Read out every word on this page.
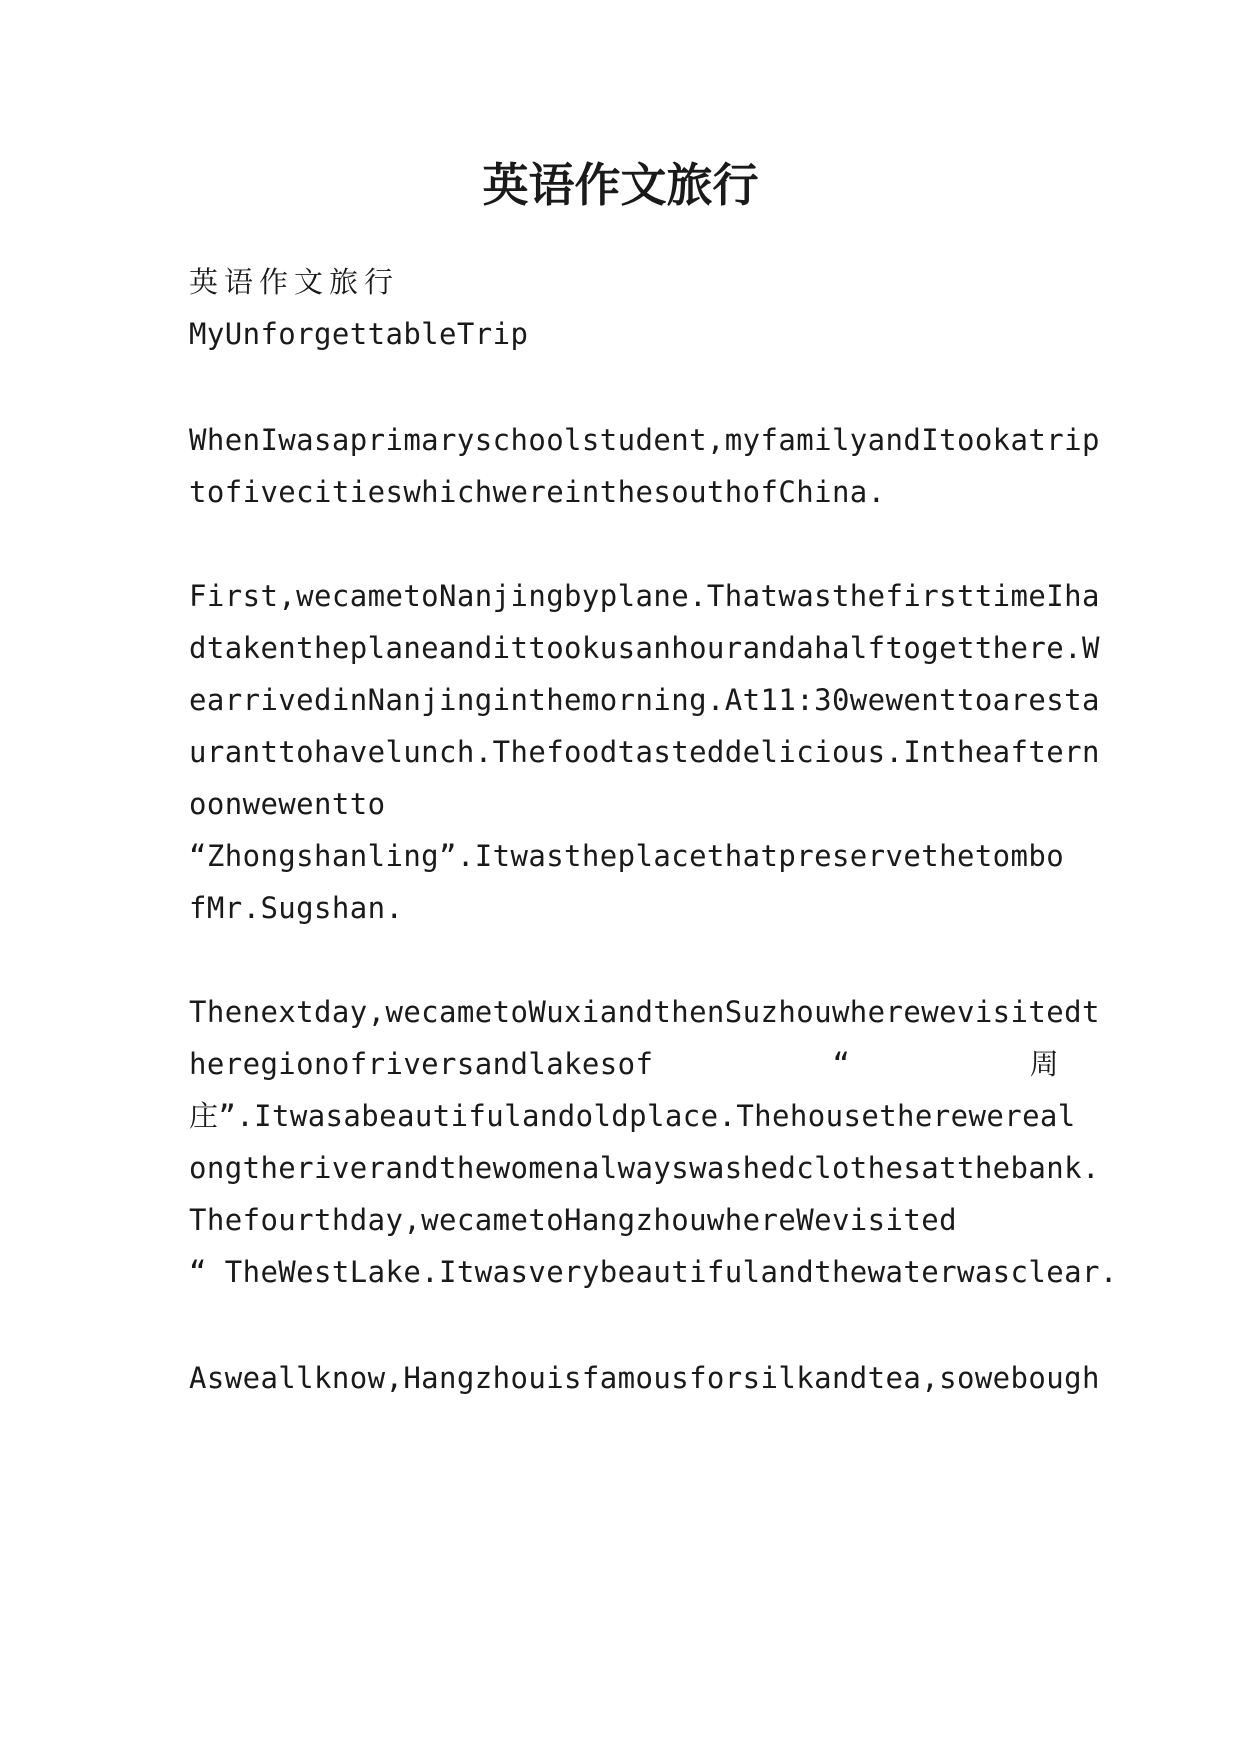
英语作文旅行
英语作文旅行
MyUnforgettableTrip
WhenIwasaprimaryschoolstudent,myfamilyandItookatrip
tofivecitieswhichwereinthesouthofChina.
First,wecametoNanjingbyplane.ThatwasthefirsttimeIha
dtakentheplaneandittookusanhourandahalftogetthere.W
earrivedinNanjinginthemorning.At11:30wewenttoaresta
uranttohavelunch.Thefoodtasteddelicious.Intheaftern
oonwewentto
“Zhongshanling”.Itwastheplacethatpreservethetombo
fMr.Sugshan.
Thenextday,wecametoWuxiandthenSuzhouwherewevisitedt
heregionofriversandlakesof	“	周
庄”.Itwasabeautifulandoldplace.Thehousetherewereal
ongtheriverandthewomenalwayswashedclothesatthebank.
Thefourthday,wecametoHangzhouwhereWevisited
“ TheWestLake.Itwasverybeautifulandthewaterwasclear.
Asweallknow,Hangzhouisfamousforsilkandtea,sowebough
